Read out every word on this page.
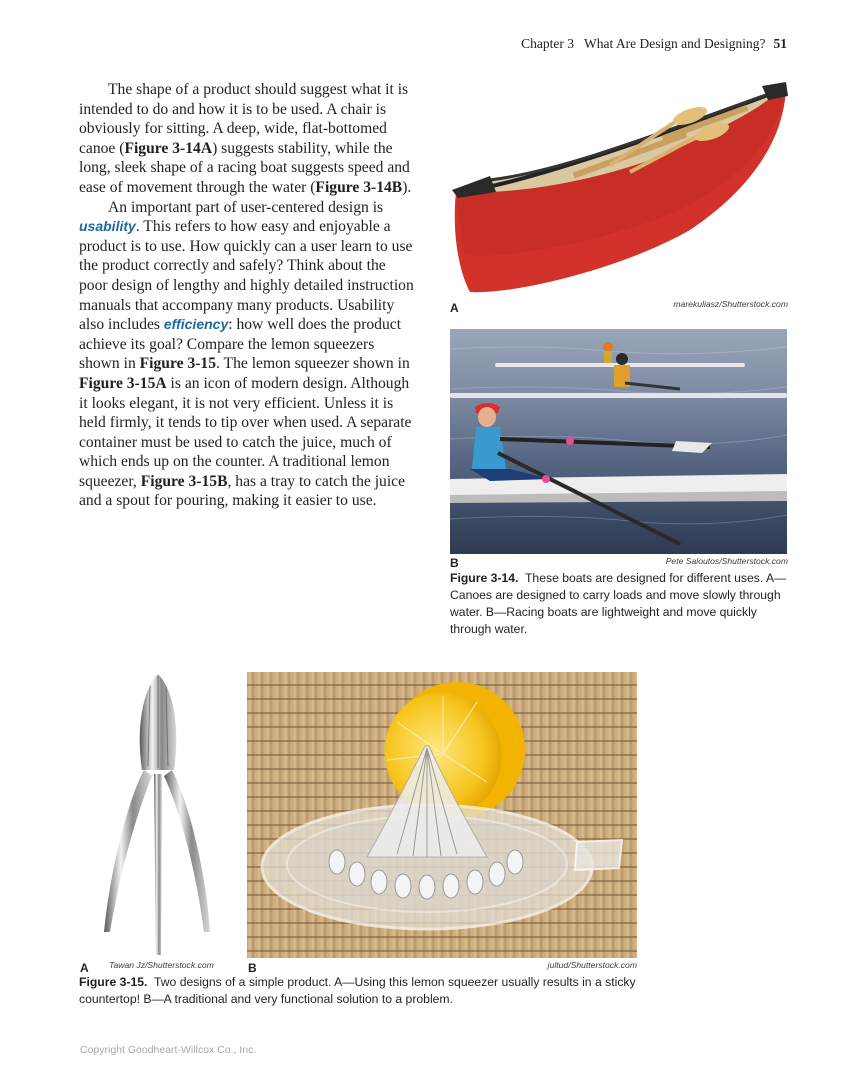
Chapter 3 What Are Design and Designing? 51

The shape of a product should suggest what it is intended to do and how it is to be used. A chair is obviously for sitting. A deep, wide, flat-bottomed canoe (Figure 3-14A) suggests stability, while the long, sleek shape of a racing boat suggests speed and ease of movement through the water (Figure 3-14B).

An important part of user-centered design is usability. This refers to how easy and enjoyable a product is to use. How quickly can a user learn to use the product correctly and safely? Think about the poor design of lengthy and highly detailed instruction manuals that accompany many products. Usability also includes efficiency: how well does the product achieve its goal? Compare the lemon squeezers shown in Figure 3-15. The lemon squeezer shown in Figure 3-15A is an icon of modern design. Although it looks elegant, it is not very efficient. Unless it is held firmly, it tends to tip over when used. A separate container must be used to catch the juice, much of which ends up on the counter. A traditional lemon squeezer, Figure 3-15B, has a tray to catch the juice and a spout for pouring, making it easier to use.

A	marekuliasz/Shutterstock.com
B	Pete Saloutos/Shutterstock.com
Figure 3-14. These boats are designed for different uses. A—Canoes are designed to carry loads and move slowly through water. B—Racing boats are lightweight and move quickly through water.
A Tawan Jz/Shutterstock.com	B	jultud/Shutterstock.com
Figure 3-15. Two designs of a simple product. A—Using this lemon squeezer usually results in a sticky countertop! B—A traditional and very functional solution to a problem.
Copyright Goodheart-Willcox Co., Inc.
